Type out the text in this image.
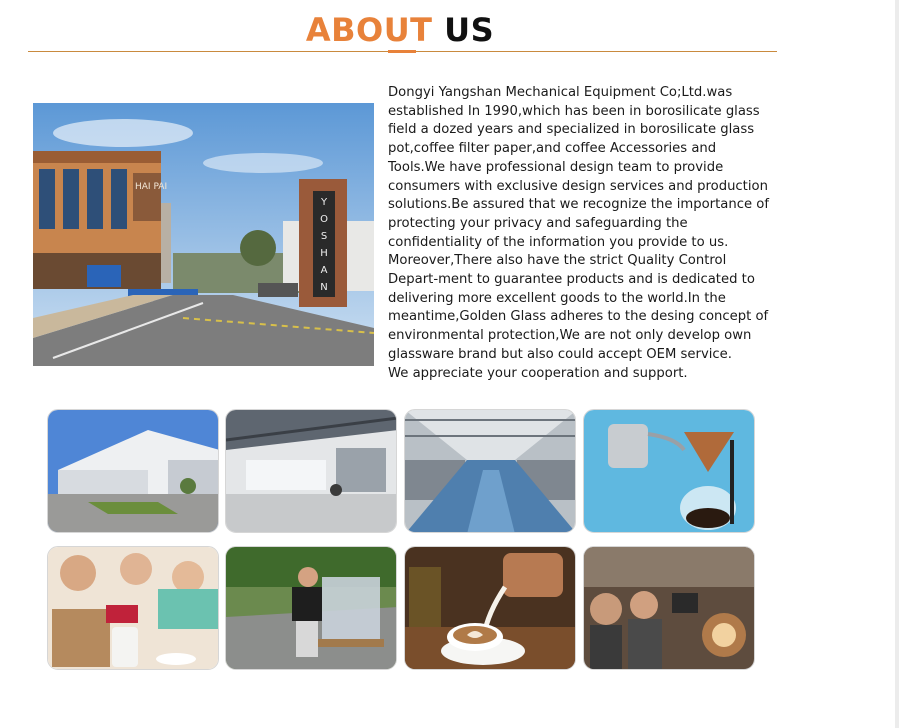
ABOUT US
HAI PAI
Y
O
S
H
A
N

Dongyi Yangshan Mechanical Equipment Co;Ltd.was established In 1990,which has been in borosilicate glass field a dozed years and specialized in borosilicate glass pot,coffee filter paper,and coffee Accessories and Tools.We have professional design team to provide consumers with exclusive design services and production solutions.Be assured that we recognize the importance of protecting your privacy and safeguarding the confidentiality of the information you provide to us.

Moreover,There also have the strict Quality Control Depart-ment to guarantee products and is dedicated to delivering more excellent goods to the world.In the meantime,Golden Glass adheres to the desing concept of environmental protection,We are not only develop own glassware brand but also could accept OEM service.

We appreciate your cooperation and support.
